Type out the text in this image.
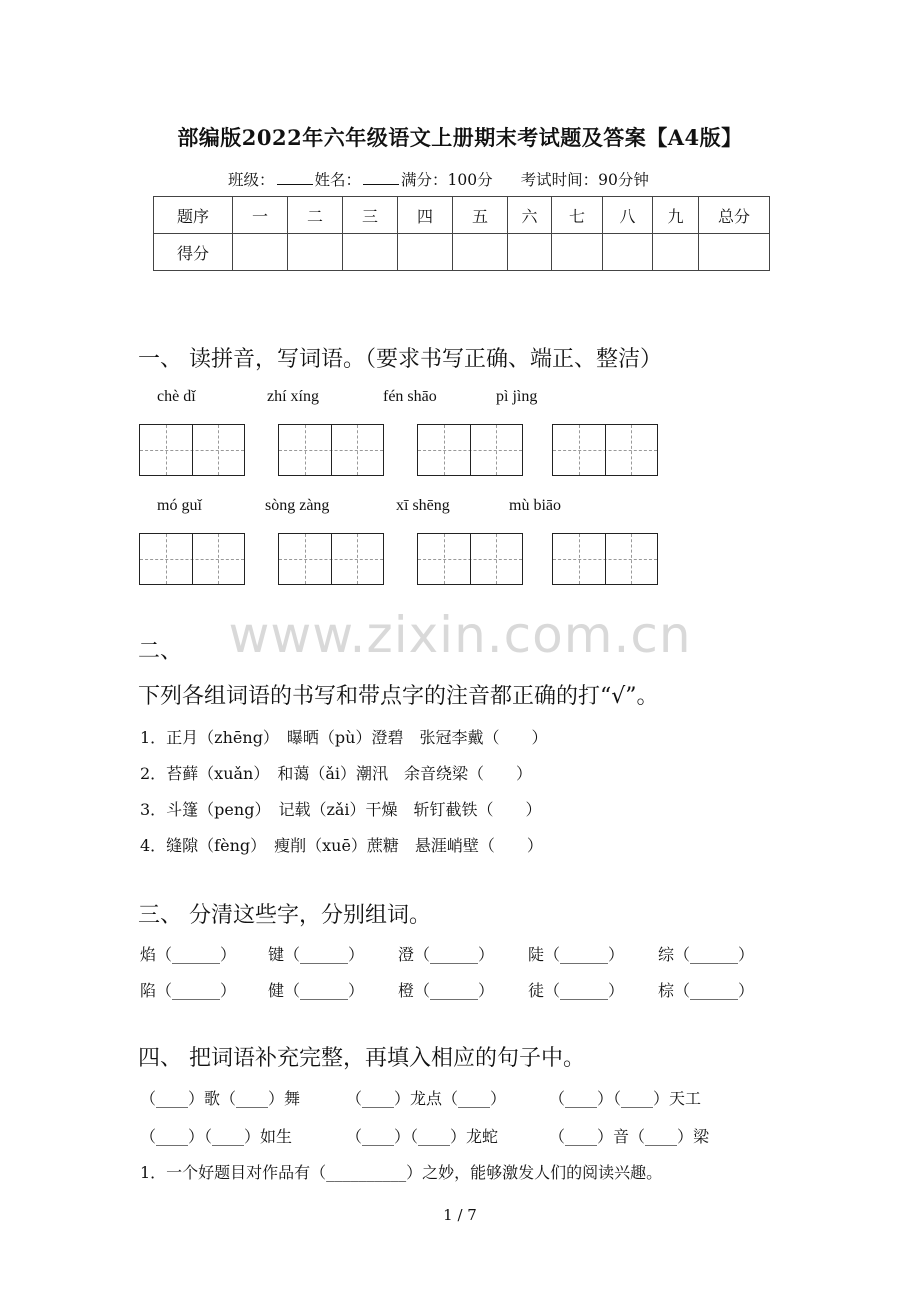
部编版2022年六年级语文上册期末考试题及答案【A4版】
班级：	姓名：	满分：100分 考试时间：90分钟
题序	一	二	三	四	五	六	七	八	九	总分
得分										
一、 读拼音，写词语。（要求书写正确、端正、整洁）
chè dǐ	zhí xíng	fén shāo	pì jìng
mó guǐ	sòng zàng	xī shēng	mù biāo
www.zixin.com.cn
二、
下列各组词语的书写和带点字的注音都正确的打“√”。
1．正月（zhēng）　曝晒（pù）澄碧　张冠李戴（　　）
2．苔藓（xuǎn）　和蔼（ǎi）潮汛　余音绕梁（　　）
3．斗篷（peng）　记载（zǎi）干燥　斩钉截铁（　　）
4．缝隙（fèng）　瘦削（xuē）蔗糖　悬涯峭壁（　　）
三、 分清这些字，分别组词。
焰（______） 键（______） 澄（______） 陡（______） 综（______）
陷（______） 健（______） 橙（______） 徒（______） 棕（______）
四、 把词语补充完整，再填入相应的句子中。
（____）歌（____）舞	（____）龙点（____）	（____）（____）天工
（____）（____）如生	（____）（____）龙蛇	（____）音（____）梁
1．一个好题目对作品有（__________）之妙，能够激发人们的阅读兴趣。
1 / 7
